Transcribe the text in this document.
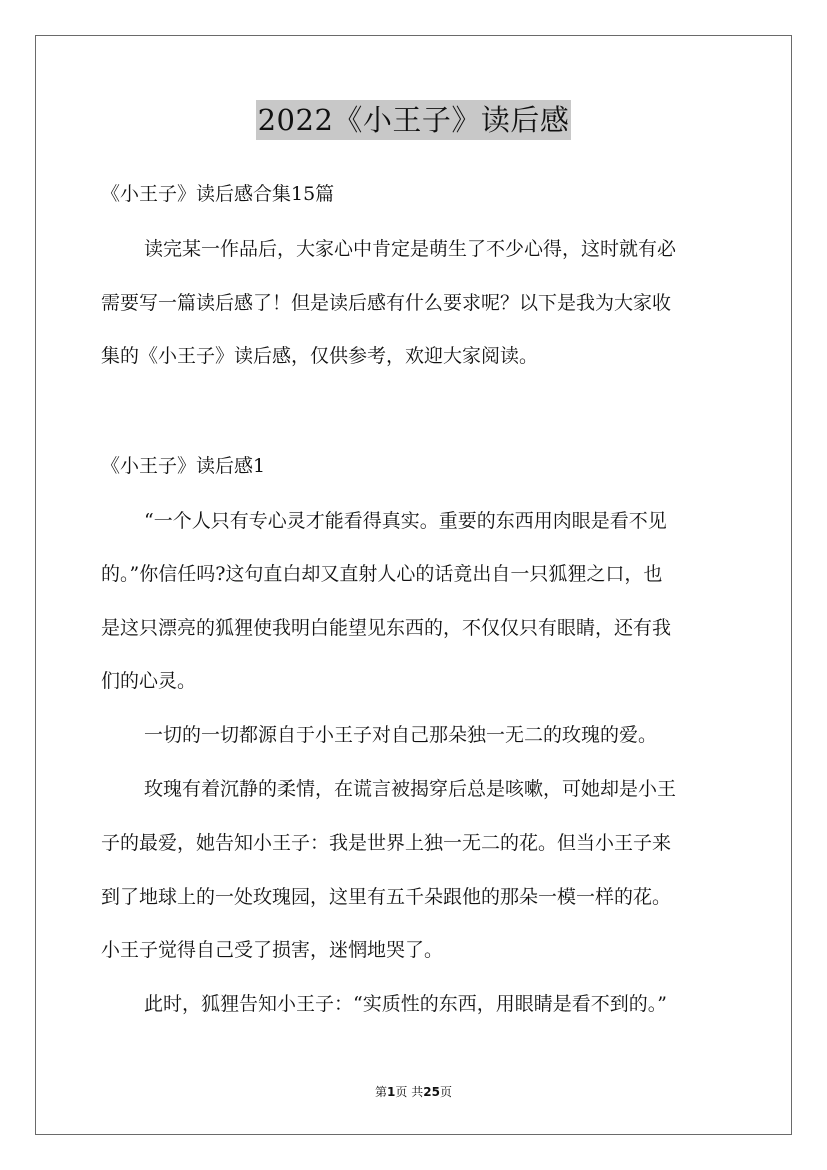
2022《小王子》读后感
《小王子》读后感合集15篇
读完某一作品后，大家心中肯定是萌生了不少心得，这时就有必
需要写一篇读后感了！但是读后感有什么要求呢？以下是我为大家收
集的《小王子》读后感，仅供参考，欢迎大家阅读。
《小王子》读后感1
“一个人只有专心灵才能看得真实。重要的东西用肉眼是看不见
的。”你信任吗?这句直白却又直射人心的话竟出自一只狐狸之口，也
是这只漂亮的狐狸使我明白能望见东西的，不仅仅只有眼睛，还有我
们的心灵。
一切的一切都源自于小王子对自己那朵独一无二的玫瑰的爱。
玫瑰有着沉静的柔情，在谎言被揭穿后总是咳嗽，可她却是小王
子的最爱，她告知小王子：我是世界上独一无二的花。但当小王子来
到了地球上的一处玫瑰园，这里有五千朵跟他的那朵一模一样的花。
小王子觉得自己受了损害，迷惘地哭了。
此时，狐狸告知小王子：“实质性的东西，用眼睛是看不到的。”
第1页 共25页
